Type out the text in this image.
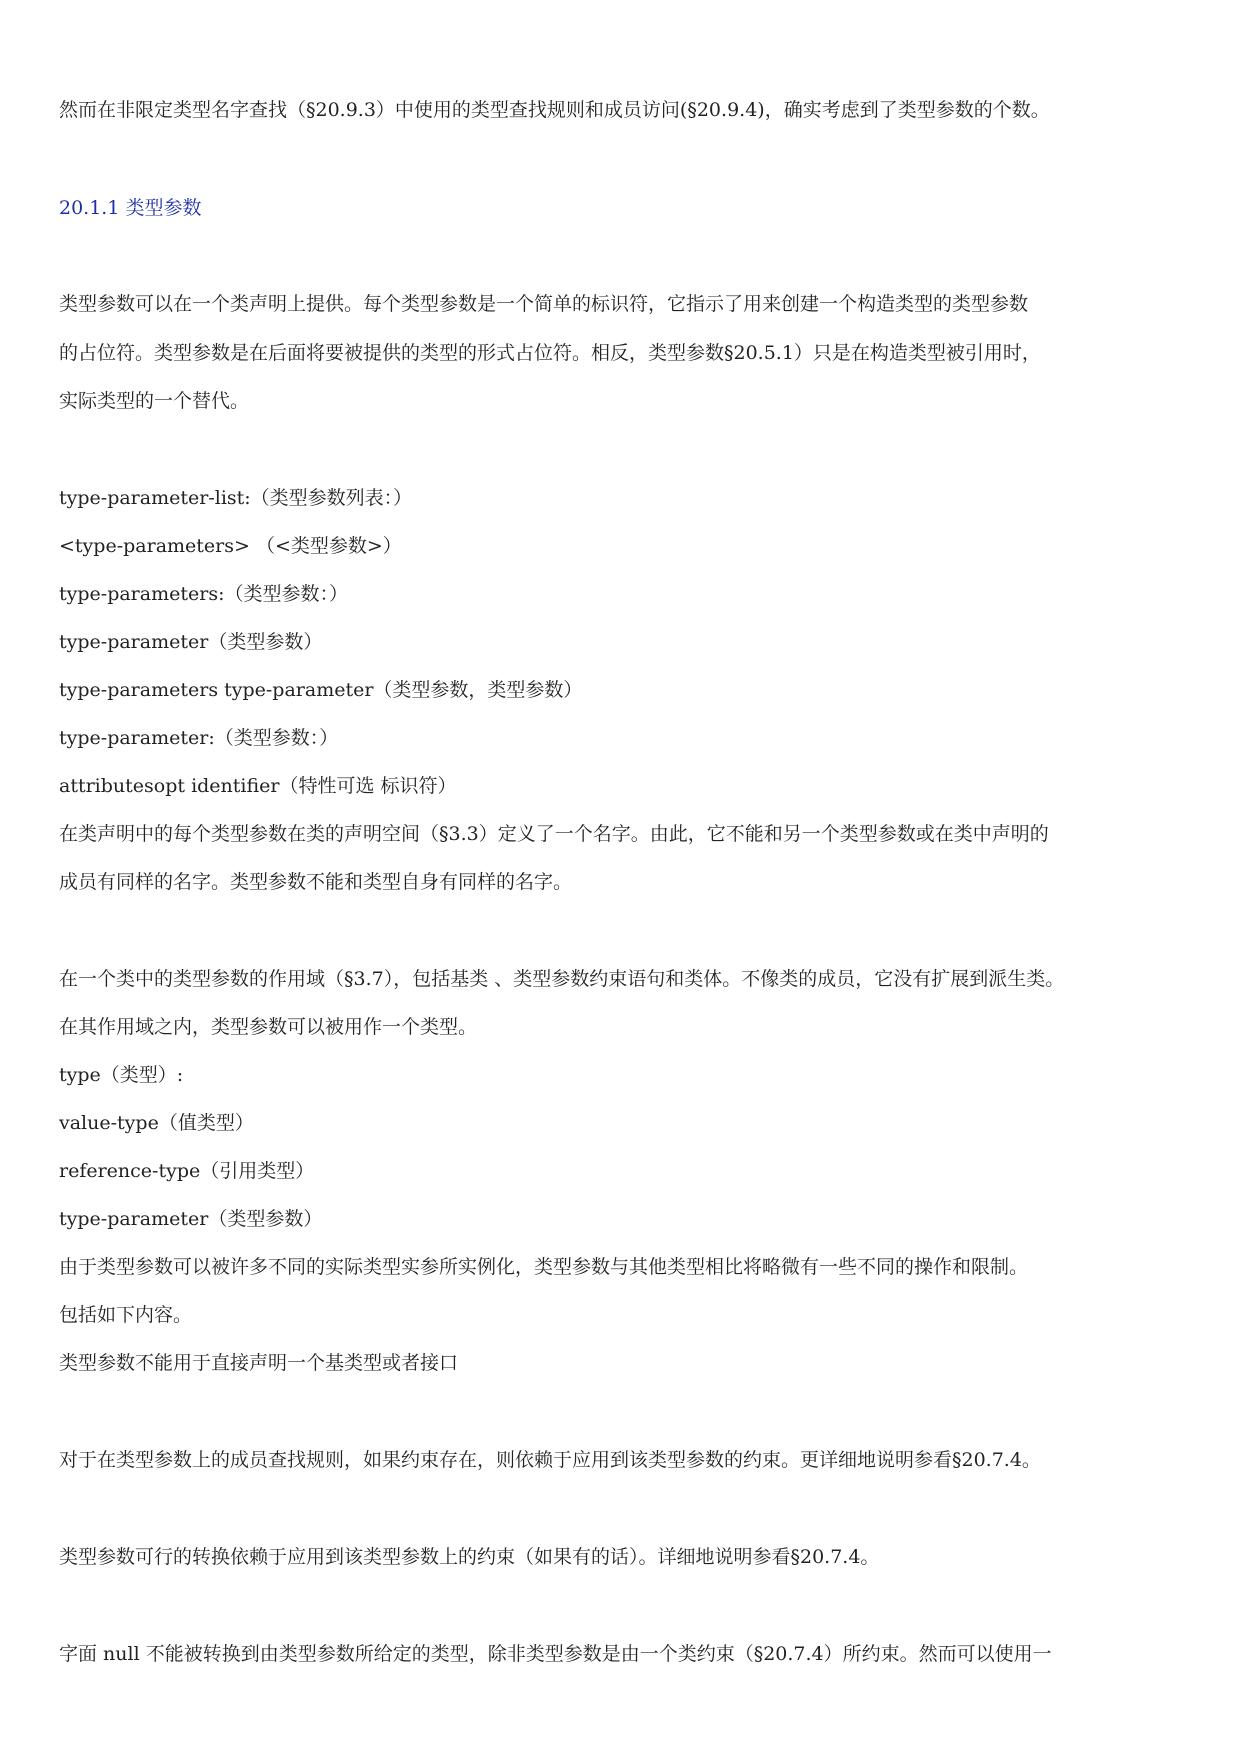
然而在非限定类型名字查找（§20.9.3）中使用的类型查找规则和成员访问(§20.9.4)，确实考虑到了类型参数的个数。

20.1.1 类型参数

类型参数可以在一个类声明上提供。每个类型参数是一个简单的标识符，它指示了用来创建一个构造类型的类型参数

的占位符。类型参数是在后面将要被提供的类型的形式占位符。相反，类型参数§20.5.1）只是在构造类型被引用时，

实际类型的一个替代。

type-parameter-list:（类型参数列表：）

<type-parameters> （<类型参数>）

type-parameters:（类型参数：）

type-parameter（类型参数）

type-parameters type-parameter（类型参数，类型参数）

type-parameter:（类型参数：）

attributesopt identifier（特性可选 标识符）

在类声明中的每个类型参数在类的声明空间（§3.3）定义了一个名字。由此，它不能和另一个类型参数或在类中声明的

成员有同样的名字。类型参数不能和类型自身有同样的名字。

在一个类中的类型参数的作用域（§3.7），包括基类 、类型参数约束语句和类体。不像类的成员，它没有扩展到派生类。

在其作用域之内，类型参数可以被用作一个类型。

type（类型）:

value-type（值类型）

reference-type（引用类型）

type-parameter（类型参数）

由于类型参数可以被许多不同的实际类型实参所实例化，类型参数与其他类型相比将略微有一些不同的操作和限制。

包括如下内容。

类型参数不能用于直接声明一个基类型或者接口

对于在类型参数上的成员查找规则，如果约束存在，则依赖于应用到该类型参数的约束。更详细地说明参看§20.7.4。

类型参数可行的转换依赖于应用到该类型参数上的约束（如果有的话）。详细地说明参看§20.7.4。

字面 null 不能被转换到由类型参数所给定的类型，除非类型参数是由一个类约束（§20.7.4）所约束。然而可以使用一
